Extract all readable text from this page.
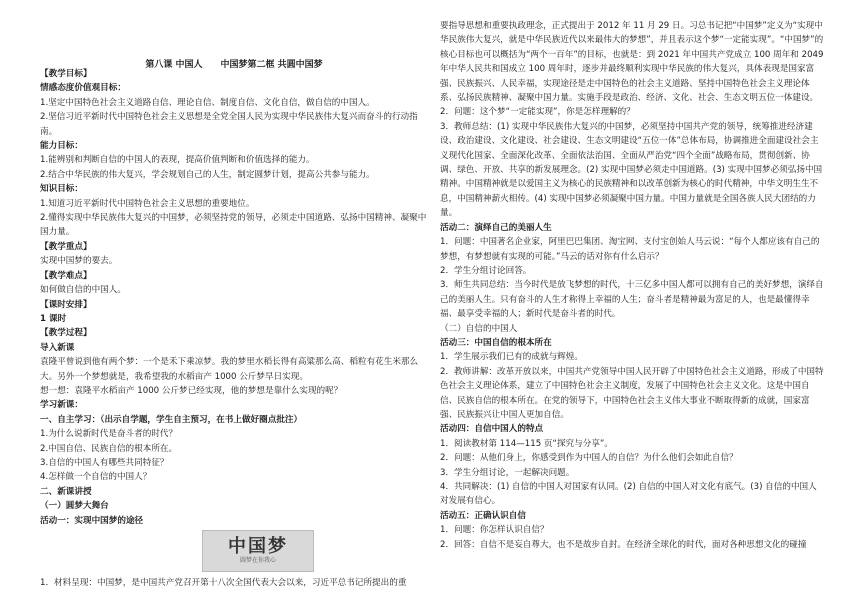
第八课 中国人　　中国梦第二框 共圆中国梦

【教学目标】

情感态度价值观目标：

1.坚定中国特色社会主义道路自信、理论自信、制度自信、文化自信，做自信的中国人。

2.坚信习近平新时代中国特色社会主义思想是全党全国人民为实现中华民族伟大复兴而奋斗的行动指南。

能力目标：

1.能辨别和判断自信的中国人的表现，提高价值判断和价值选择的能力。

2.结合中华民族的伟大复兴，学会规划自己的人生，制定圆梦计划，提高公共参与能力。

知识目标：

1.知道习近平新时代中国特色社会主义思想的重要地位。

2.懂得实现中华民族伟大复兴的中国梦，必须坚持党的领导，必须走中国道路、弘扬中国精神、凝聚中国力量。

【教学重点】

实现中国梦的要去。

【教学难点】

如何做自信的中国人。

【课时安排】

1 课时

【教学过程】

导入新课

袁隆平曾说到他有两个梦：一个是禾下乘凉梦。我的梦里水稻长得有高粱那么高、稻粒有花生米那么大。另外一个梦想就是，我希望我的水稻亩产 1000 公斤梦早日实现。

想一想：袁隆平水稻亩产 1000 公斤梦已经实现，他的梦想是靠什么实现的呢？

学习新课：

一、自主学习：（出示自学题，学生自主预习，在书上做好圈点批注）

1.为什么说新时代是奋斗者的时代？

2.中国自信、民族自信的根本所在。

3.自信的中国人有哪些共同特征？

4.怎样做一个自信的中国人？

二、新课讲授

（一）圆梦大舞台

活动一：实现中国梦的途径

中国梦
圆梦在你我心

1．材料呈现：中国梦，是中国共产党召开第十八次全国代表大会以来，习近平总书记所提出的重

要指导思想和重要执政理念，正式提出于 2012 年 11 月 29 日。习总书记把“中国梦”定义为“实现中华民族伟大复兴，就是中华民族近代以来最伟大的梦想”，并且表示这个梦“一定能实现”。“中国梦”的核心目标也可以概括为“两个一百年”的目标，也就是：到 2021 年中国共产党成立 100 周年和 2049 年中华人民共和国成立 100 周年时，逐步并最终顺利实现中华民族的伟大复兴，具体表现是国家富强、民族振兴、人民幸福，实现途径是走中国特色的社会主义道路、坚持中国特色社会主义理论体系、弘扬民族精神、凝聚中国力量。实施手段是政治、经济、文化、社会、生态文明五位一体建设。

2．问题：这个梦“一定能实现”，你是怎样理解的？

3．教师总结：(1) 实现中华民族伟大复兴的中国梦，必须坚持中国共产党的领导，统筹推进经济建设、政治建设、文化建设、社会建设、生态文明建设“五位一体”总体布局，协调推进全面建设社会主义现代化国家、全面深化改革、全面依法治国、全面从严治党“四个全面”战略布局，贯彻创新、协调、绿色、开放、共享的新发展理念。(2) 实现中国梦必须走中国道路。(3) 实现中国梦必须弘扬中国精神。中国精神就是以爱国主义为核心的民族精神和以改革创新为核心的时代精神，中华文明生生不息，中国精神薪火相传。(4) 实现中国梦必须凝聚中国力量。中国力量就是全国各族人民大团结的力量。

活动二：演绎自己的美丽人生

1．问题：中国著名企业家，阿里巴巴集团、淘宝网、支付宝创始人马云说：“每个人都应该有自己的梦想，有梦想就有实现的可能。”马云的话对你有什么启示？

2．学生分组讨论回答。

3．师生共同总结：当今时代是放飞梦想的时代，十三亿多中国人都可以拥有自己的美好梦想，演绎自己的美丽人生。只有奋斗的人生才称得上幸福的人生；奋斗者是精神最为富足的人，也是最懂得幸福、最享受幸福的人；新时代是奋斗者的时代。

（二）自信的中国人

活动三：中国自信的根本所在

1．学生展示我们已有的成就与辉煌。

2．教师讲解：改革开放以来，中国共产党领导中国人民开辟了中国特色社会主义道路，形成了中国特色社会主义理论体系，建立了中国特色社会主义制度，发展了中国特色社会主义文化。这是中国自信、民族自信的根本所在。在党的领导下，中国特色社会主义伟大事业不断取得新的成就，国家富强、民族振兴让中国人更加自信。

活动四：自信中国人的特点

1．阅读教材第 114—115 页“探究与分享”。

2．问题：从他们身上，你感受到作为中国人的自信？为什么他们会如此自信？

3．学生分组讨论，一起解决问题。

4．共同解决：(1) 自信的中国人对国家有认同。(2) 自信的中国人对文化有底气。(3) 自信的中国人对发展有信心。

活动五：正确认识自信

1．问题：你怎样认识自信？

2．回答：自信不是妄自尊大，也不是故步自封。在经济全球化的时代，面对各种思想文化的碰撞
